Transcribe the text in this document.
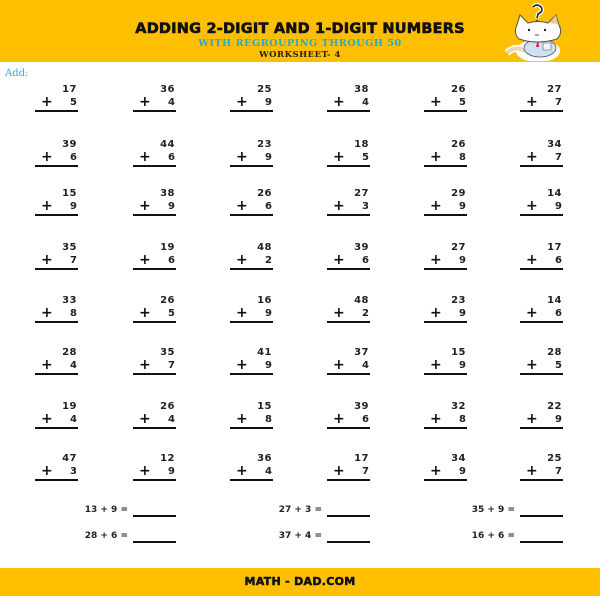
ADDING 2-DIGIT AND 1-DIGIT NUMBERS
WITH REGROUPING THROUGH 50
WORKSHEET- 4
Add:
17
+ 5
36
+ 4
25
+ 9
38
+ 4
26
+ 5
27
+ 7
39
+ 6
44
+ 6
23
+ 9
18
+ 5
26
+ 8
34
+ 7
15
+ 9
38
+ 9
26
+ 6
27
+ 3
29
+ 9
14
+ 9
35
+ 7
19
+ 6
48
+ 2
39
+ 6
27
+ 9
17
+ 6
33
+ 8
26
+ 5
16
+ 9
48
+ 2
23
+ 9
14
+ 6
28
+ 4
35
+ 7
41
+ 9
37
+ 4
15
+ 9
28
+ 5
19
+ 4
26
+ 4
15
+ 8
39
+ 6
32
+ 8
22
+ 9
47
+ 3
12
+ 9
36
+ 4
17
+ 7
34
+ 9
25
+ 7
13 + 9 =	27 + 3 =	35 + 9 =
28 + 6 =	37 + 4 =	16 + 6 =
MATH - DAD.COM
